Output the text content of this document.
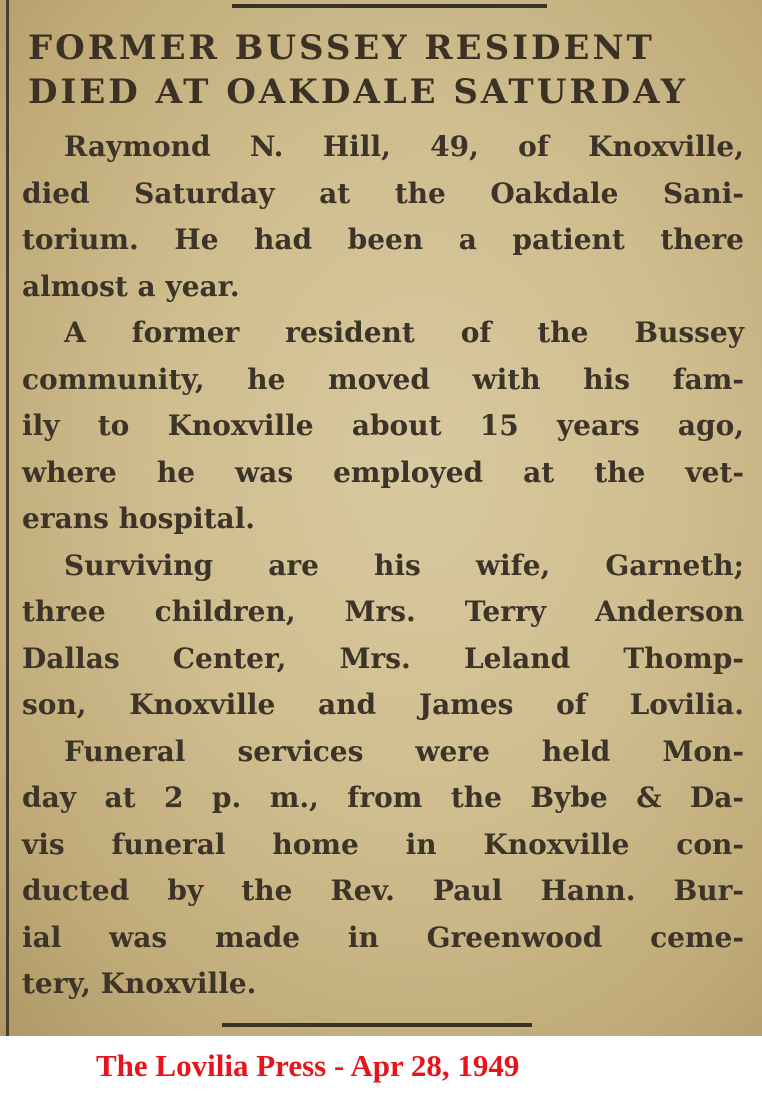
FORMER BUSSEY RESIDENT
DIED AT OAKDALE SATURDAY
Raymond N. Hill, 49, of Knoxville,
died Saturday at the Oakdale Sani-
torium. He had been a patient there
almost a year.
A former resident of the Bussey
community, he moved with his fam-
ily to Knoxville about 15 years ago,
where he was employed at the vet-
erans hospital.
Surviving are his wife, Garneth;
three children, Mrs. Terry Anderson
Dallas Center, Mrs. Leland Thomp-
son, Knoxville and James of Lovilia.
Funeral services were held Mon-
day at 2 p. m., from the Bybe & Da-
vis funeral home in Knoxville con-
ducted by the Rev. Paul Hann. Bur-
ial was made in Greenwood ceme-
tery, Knoxville.
The Lovilia Press - Apr 28, 1949
